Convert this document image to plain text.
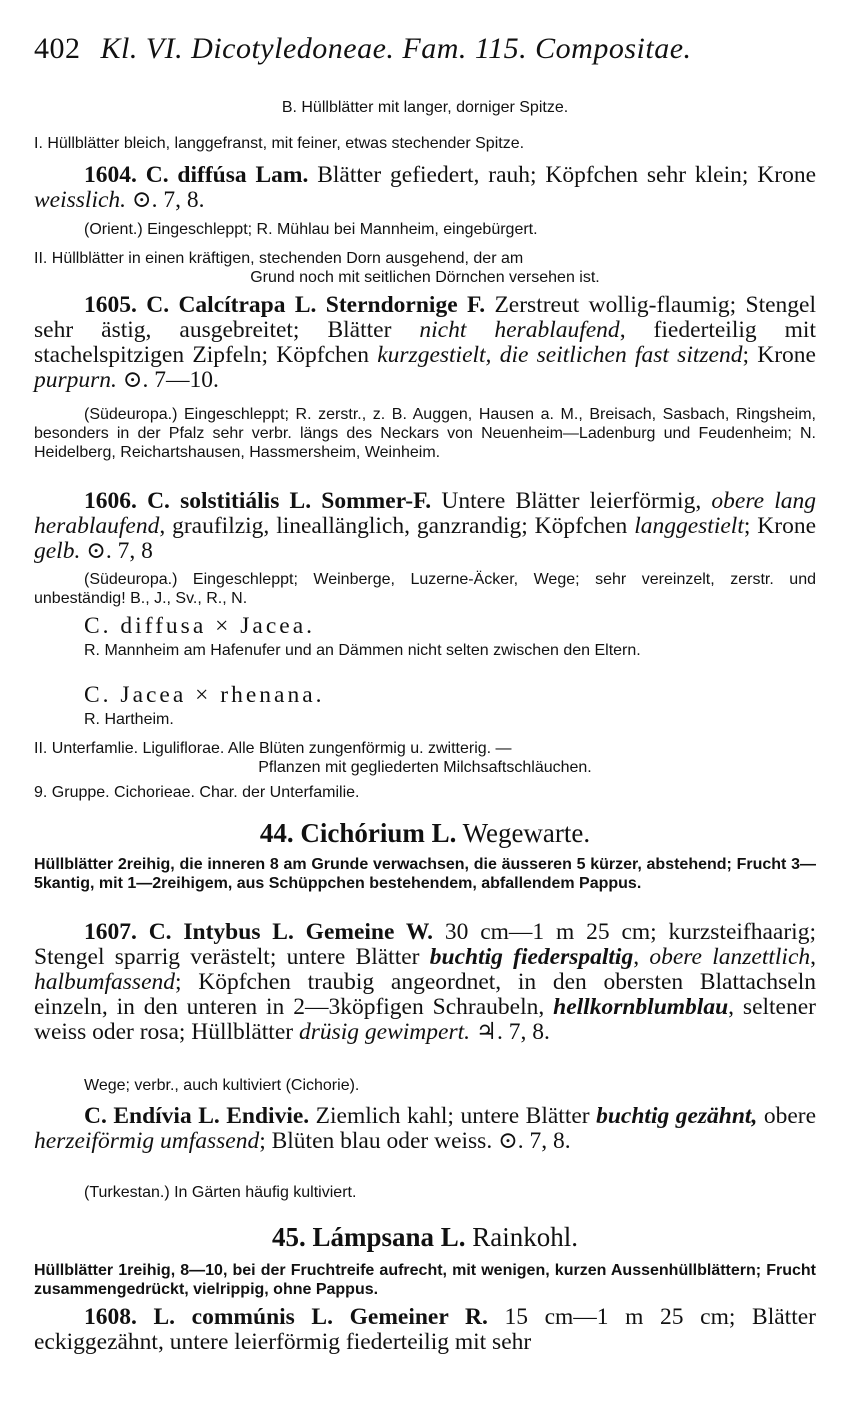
402 Kl. VI. Dicotyledoneae. Fam. 115. Compositae.
B. Hüllblätter mit langer, dorniger Spitze.
I. Hüllblätter bleich, langgefranst, mit feiner, etwas stechender Spitze.
1604. C. diffúsa Lam. Blätter gefiedert, rauh; Köpfchen sehr klein; Krone weisslich. ⊙. 7, 8.
(Orient.) Eingeschleppt; R. Mühlau bei Mannheim, eingebürgert.
II. Hüllblätter in einen kräftigen, stechenden Dorn ausgehend, der am
Grund noch mit seitlichen Dörnchen versehen ist.
1605. C. Calcítrapa L. Sterndornige F. Zerstreut wollig-flaumig; Stengel sehr ästig, ausgebreitet; Blätter nicht herablaufend, fiederteilig mit stachelspitzigen Zipfeln; Köpfchen kurzgestielt, die seitlichen fast sitzend; Krone purpurn. ⊙. 7—10.
(Südeuropa.) Eingeschleppt; R. zerstr., z. B. Auggen, Hausen a. M., Breisach, Sasbach, Ringsheim, besonders in der Pfalz sehr verbr. längs des Neckars von Neuenheim—Ladenburg und Feudenheim; N. Heidelberg, Reichartshausen, Hassmersheim, Weinheim.
1606. C. solstitiális L. Sommer-F. Untere Blätter leierförmig, obere lang herablaufend, graufilzig, lineallänglich, ganzrandig; Köpfchen langgestielt; Krone gelb. ⊙. 7, 8
(Südeuropa.) Eingeschleppt; Weinberge, Luzerne-Äcker, Wege; sehr vereinzelt, zerstr. und unbeständig! B., J., Sv., R., N.
C. diffusa × Jacea.
R. Mannheim am Hafenufer und an Dämmen nicht selten zwischen den Eltern.
C. Jacea × rhenana.
R. Hartheim.
II. Unterfamlie. Liguliflorae. Alle Blüten zungenförmig u. zwitterig. —
Pflanzen mit gegliederten Milchsaftschläuchen.
9. Gruppe. Cichorieae. Char. der Unterfamilie.
44. Cichórium L. Wegewarte.
Hüllblätter 2reihig, die inneren 8 am Grunde verwachsen, die äusseren 5 kürzer, abstehend; Frucht 3—5kantig, mit 1—2reihigem, aus Schüppchen bestehendem, abfallendem Pappus.
1607. C. Intybus L. Gemeine W. 30 cm—1 m 25 cm; kurzsteifhaarig; Stengel sparrig verästelt; untere Blätter buchtig fiederspaltig, obere lanzettlich, halbumfassend; Köpfchen traubig angeordnet, in den obersten Blattachseln einzeln, in den unteren in 2—3köpfigen Schraubeln, hellkornblumblau, seltener weiss oder rosa; Hüllblätter drüsig gewimpert. ♃. 7, 8.
Wege; verbr., auch kultiviert (Cichorie).
C. Endívia L. Endivie. Ziemlich kahl; untere Blätter buchtig gezähnt, obere herzeiförmig umfassend; Blüten blau oder weiss. ⊙. 7, 8.
(Turkestan.) In Gärten häufig kultiviert.
45. Lámpsana L. Rainkohl.
Hüllblätter 1reihig, 8—10, bei der Fruchtreife aufrecht, mit wenigen, kurzen Aussenhüllblättern; Frucht zusammengedrückt, vielrippig, ohne Pappus.
1608. L. commúnis L. Gemeiner R. 15 cm—1 m 25 cm; Blätter eckiggezähnt, untere leierförmig fiederteilig mit sehr
